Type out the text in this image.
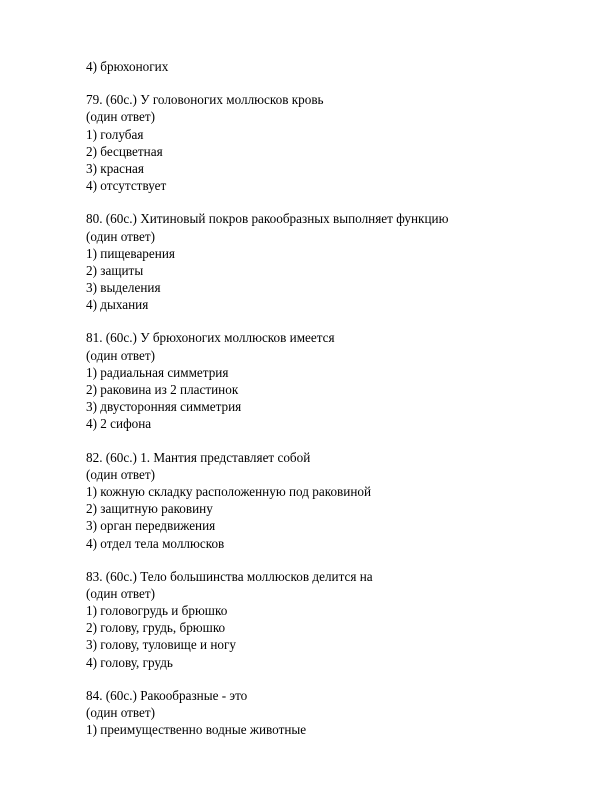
4) брюхоногих
79. (60с.) У головоногих моллюсков кровь
(один ответ)
1) голубая
2) бесцветная
3) красная
4) отсутствует
80. (60с.) Хитиновый покров ракообразных выполняет функцию
(один ответ)
1) пищеварения
2) защиты
3) выделения
4) дыхания
81. (60с.) У брюхоногих моллюсков имеется
(один ответ)
1) радиальная симметрия
2) раковина из 2 пластинок
3) двусторонняя симметрия
4) 2 сифона
82. (60с.) 1. Мантия представляет собой
(один ответ)
1) кожную складку расположенную под раковиной
2) защитную раковину
3) орган передвижения
4) отдел тела моллюсков
83. (60с.) Тело большинства моллюсков делится на
(один ответ)
1) головогрудь и брюшко
2) голову, грудь, брюшко
3) голову, туловище и ногу
4) голову, грудь
84. (60с.) Ракообразные - это
(один ответ)
1) преимущественно водные животные
